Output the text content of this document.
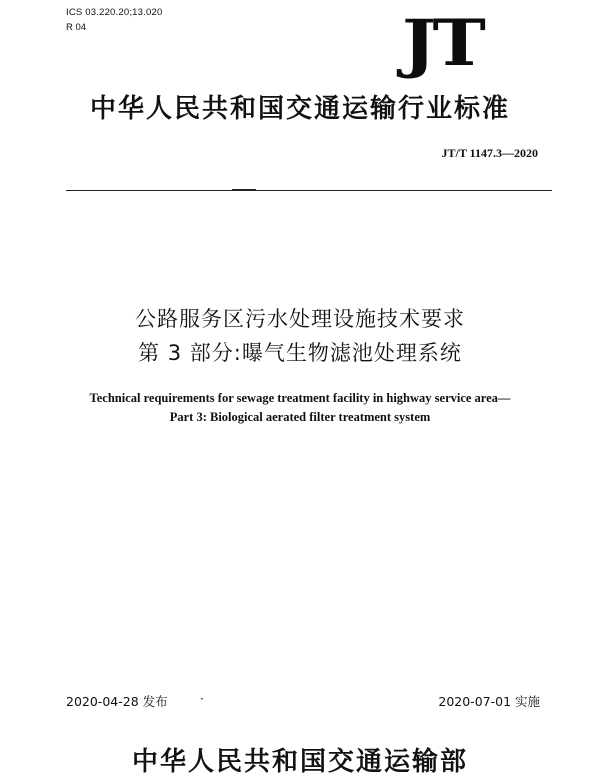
ICS 03.220.20;13.020
R 04	JT
中华人民共和国交通运输行业标准
JT/T 1147.3—2020
公路服务区污水处理设施技术要求
第 3 部分:曝气生物滤池处理系统
Technical requirements for sewage treatment facility in highway service area—
Part 3: Biological aerated filter treatment system
2020-04-28 发布	·	2020-07-01 实施
中华人民共和国交通运输部
